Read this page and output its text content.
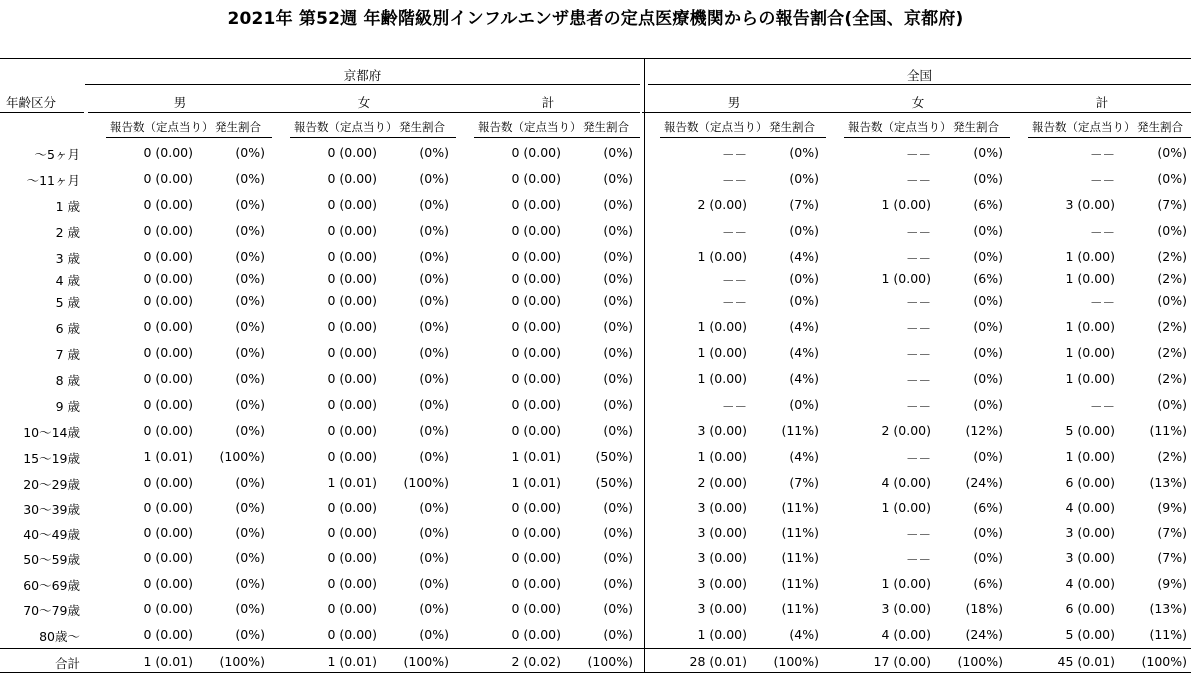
2021年 第52週 年齢階級別インフルエンザ患者の定点医療機関からの報告割合(全国、京都府)
年齢区分
京都府	全国
男
報告数（定点当り） 発生割合
女
報告数（定点当り） 発生割合
計
報告数（定点当り） 発生割合
男
報告数（定点当り） 発生割合
女
報告数（定点当り） 発生割合
計
報告数（定点当り） 発生割合
～5ヶ月	0 (0.00)	(0%)	0 (0.00)	(0%)	0 (0.00)	(0%)	－－	(0%)	－－	(0%)	－－	(0%)
～11ヶ月	0 (0.00)	(0%)	0 (0.00)	(0%)	0 (0.00)	(0%)	－－	(0%)	－－	(0%)	－－	(0%)
1 歳	0 (0.00)	(0%)	0 (0.00)	(0%)	0 (0.00)	(0%)	2 (0.00)	(7%)	1 (0.00)	(6%)	3 (0.00)	(7%)
2 歳	0 (0.00)	(0%)	0 (0.00)	(0%)	0 (0.00)	(0%)	－－	(0%)	－－	(0%)	－－	(0%)
3 歳	0 (0.00)	(0%)	0 (0.00)	(0%)	0 (0.00)	(0%)	1 (0.00)	(4%)	－－	(0%)	1 (0.00)	(2%)
4 歳	0 (0.00)	(0%)	0 (0.00)	(0%)	0 (0.00)	(0%)	－－	(0%)	1 (0.00)	(6%)	1 (0.00)	(2%)
5 歳	0 (0.00)	(0%)	0 (0.00)	(0%)	0 (0.00)	(0%)	－－	(0%)	－－	(0%)	－－	(0%)
6 歳	0 (0.00)	(0%)	0 (0.00)	(0%)	0 (0.00)	(0%)	1 (0.00)	(4%)	－－	(0%)	1 (0.00)	(2%)
7 歳	0 (0.00)	(0%)	0 (0.00)	(0%)	0 (0.00)	(0%)	1 (0.00)	(4%)	－－	(0%)	1 (0.00)	(2%)
8 歳	0 (0.00)	(0%)	0 (0.00)	(0%)	0 (0.00)	(0%)	1 (0.00)	(4%)	－－	(0%)	1 (0.00)	(2%)
9 歳	0 (0.00)	(0%)	0 (0.00)	(0%)	0 (0.00)	(0%)	－－	(0%)	－－	(0%)	－－	(0%)
10～14歳	0 (0.00)	(0%)	0 (0.00)	(0%)	0 (0.00)	(0%)	3 (0.00)	(11%)	2 (0.00)	(12%)	5 (0.00)	(11%)
15～19歳	1 (0.01)	(100%)	0 (0.00)	(0%)	1 (0.01)	(50%)	1 (0.00)	(4%)	－－	(0%)	1 (0.00)	(2%)
20～29歳	0 (0.00)	(0%)	1 (0.01)	(100%)	1 (0.01)	(50%)	2 (0.00)	(7%)	4 (0.00)	(24%)	6 (0.00)	(13%)
30～39歳	0 (0.00)	(0%)	0 (0.00)	(0%)	0 (0.00)	(0%)	3 (0.00)	(11%)	1 (0.00)	(6%)	4 (0.00)	(9%)
40～49歳	0 (0.00)	(0%)	0 (0.00)	(0%)	0 (0.00)	(0%)	3 (0.00)	(11%)	－－	(0%)	3 (0.00)	(7%)
50～59歳	0 (0.00)	(0%)	0 (0.00)	(0%)	0 (0.00)	(0%)	3 (0.00)	(11%)	－－	(0%)	3 (0.00)	(7%)
60～69歳	0 (0.00)	(0%)	0 (0.00)	(0%)	0 (0.00)	(0%)	3 (0.00)	(11%)	1 (0.00)	(6%)	4 (0.00)	(9%)
70～79歳	0 (0.00)	(0%)	0 (0.00)	(0%)	0 (0.00)	(0%)	3 (0.00)	(11%)	3 (0.00)	(18%)	6 (0.00)	(13%)
80歳～	0 (0.00)	(0%)	0 (0.00)	(0%)	0 (0.00)	(0%)	1 (0.00)	(4%)	4 (0.00)	(24%)	5 (0.00)	(11%)
合計	1 (0.01)	(100%)	1 (0.01)	(100%)	2 (0.02)	(100%)	28 (0.01)	(100%)	17 (0.00)	(100%)	45 (0.01)	(100%)
